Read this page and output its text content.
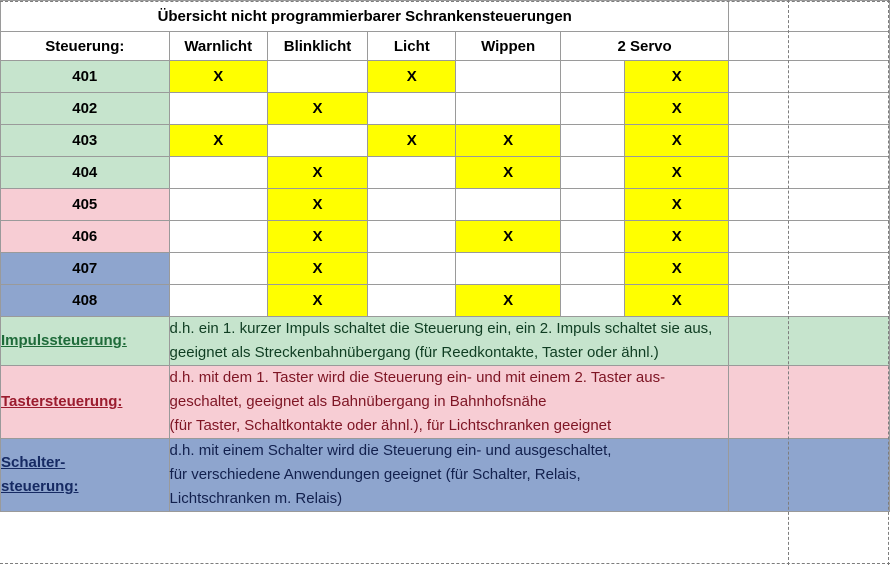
Übersicht nicht programmierbarer Schrankensteuerungen							
Steuerung:	Warnlicht	Blinklicht	Licht	Wippen	2 Servo		
401	X		X			X	
402		X				X	
403	X		X	X		X	
404		X		X		X	
405		X				X	
406		X		X		X	
407		X				X	
408		X		X		X	
Impulssteuerung:	d.h. ein 1. kurzer Impuls schaltet die Steuerung ein, ein 2. Impuls schaltet sie aus,
geeignet als Streckenbahnübergang (für Reedkontakte, Taster oder ähnl.)						

Tastersteuerung:	d.h. mit dem 1. Taster wird die Steuerung ein- und mit einem 2. Taster aus-
geschaltet, geeignet als Bahnübergang in Bahnhofsnähe
(für Taster, Schaltkontakte oder ähnl.), für Lichtschranken geeignet						

Schalter-
steuerung:

d.h. mit einem Schalter wird die Steuerung ein- und ausgeschaltet,
für verschiedene Anwendungen geeignet (für Schalter, Relais,
Lichtschranken m. Relais)
